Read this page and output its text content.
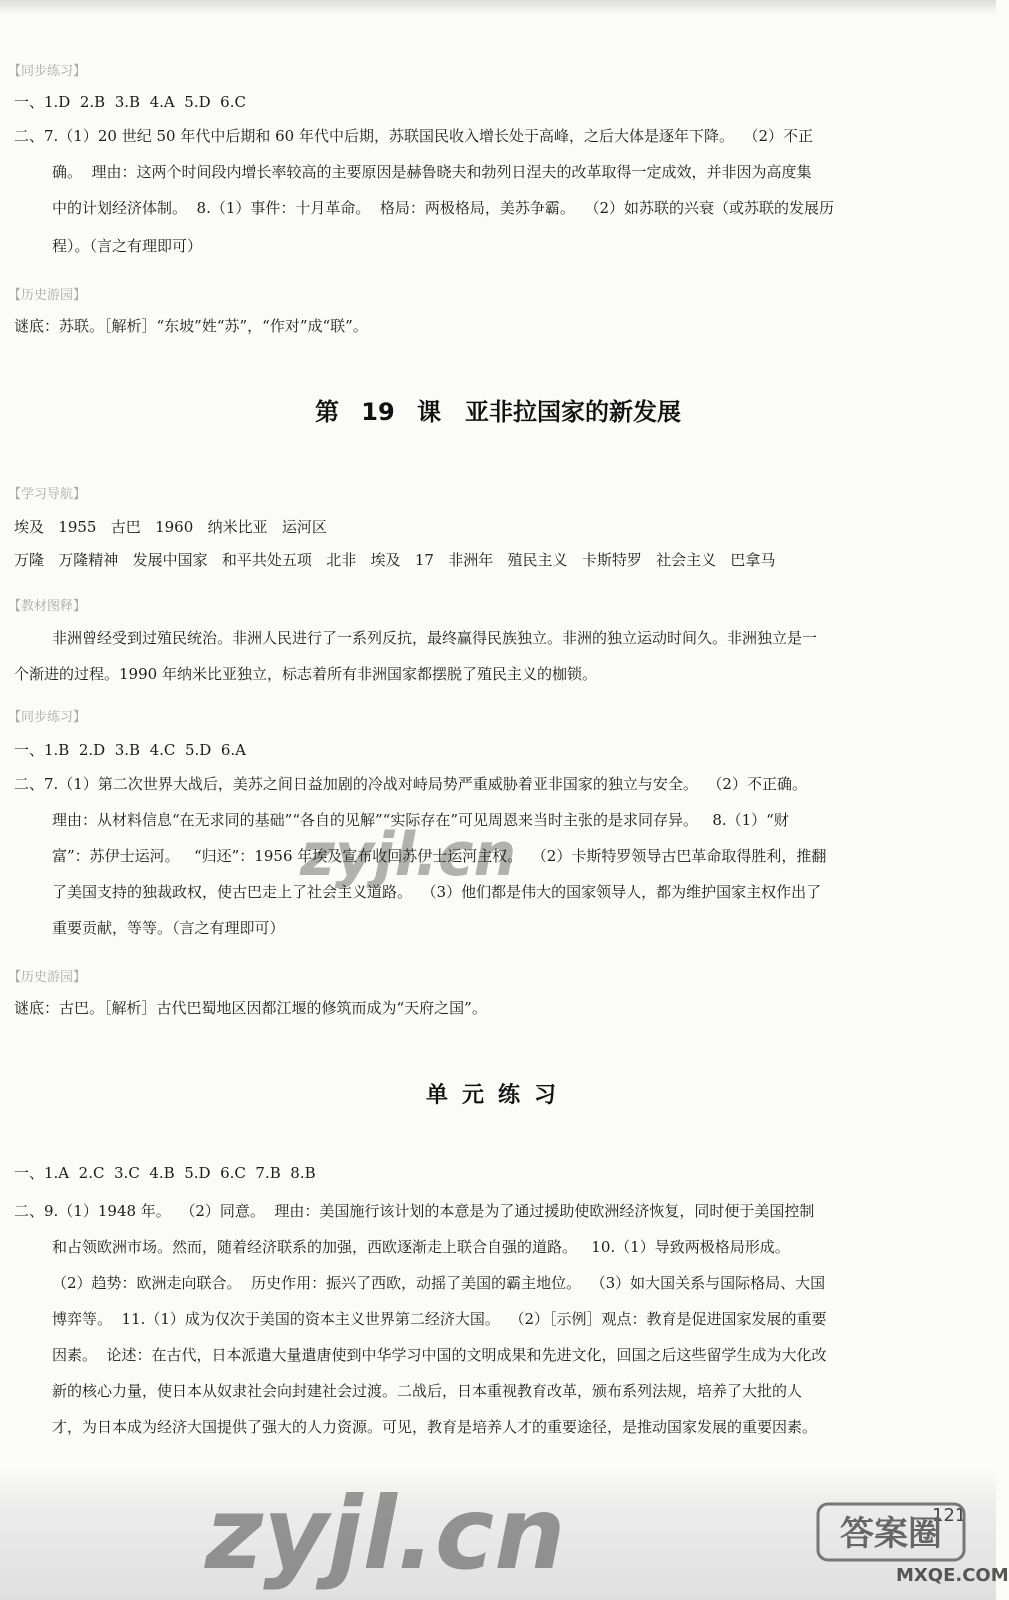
【同步练习】
一、1.D  2.B  3.B  4.A  5.D  6.C
二、7.（1）20 世纪 50 年代中后期和 60 年代中后期，苏联国民收入增长处于高峰，之后大体是逐年下降。  （2）不正
确。  理由：这两个时间段内增长率较高的主要原因是赫鲁晓夫和勃列日涅夫的改革取得一定成效，并非因为高度集
中的计划经济体制。  8.（1）事件：十月革命。  格局：两极格局，美苏争霸。  （2）如苏联的兴衰（或苏联的发展历
程）。（言之有理即可）
【历史游园】
谜底：苏联。［解析］“东坡”姓“苏”，“作对”成“联”。
第 19 课　亚非拉国家的新发展
【学习导航】
埃及   1955   古巴   1960   纳米比亚   运河区
万隆   万隆精神   发展中国家   和平共处五项   北非   埃及   17   非洲年   殖民主义   卡斯特罗   社会主义   巴拿马
【教材图释】
非洲曾经受到过殖民统治。非洲人民进行了一系列反抗，最终赢得民族独立。非洲的独立运动时间久。非洲独立是一
个渐进的过程。1990 年纳米比亚独立，标志着所有非洲国家都摆脱了殖民主义的枷锁。
【同步练习】
一、1.B  2.D  3.B  4.C  5.D  6.A
二、7.（1）第二次世界大战后，美苏之间日益加剧的冷战对峙局势严重威胁着亚非国家的独立与安全。  （2）不正确。
理由：从材料信息“在无求同的基础”“各自的见解”“实际存在”可见周恩来当时主张的是求同存异。   8.（1）“财
富”：苏伊士运河。   “归还”：1956 年埃及宣布收回苏伊士运河主权。  （2）卡斯特罗领导古巴革命取得胜利，推翻
了美国支持的独裁政权，使古巴走上了社会主义道路。  （3）他们都是伟大的国家领导人，都为维护国家主权作出了
重要贡献，等等。（言之有理即可）
【历史游园】
谜底：古巴。［解析］古代巴蜀地区因都江堰的修筑而成为“天府之国”。
单元练习
一、1.A  2.C  3.C  4.B  5.D  6.C  7.B  8.B
二、9.（1）1948 年。  （2）同意。  理由：美国施行该计划的本意是为了通过援助使欧洲经济恢复，同时便于美国控制
和占领欧洲市场。然而，随着经济联系的加强，西欧逐渐走上联合自强的道路。   10.（1）导致两极格局形成。
（2）趋势：欧洲走向联合。  历史作用：振兴了西欧，动摇了美国的霸主地位。  （3）如大国关系与国际格局、大国
博弈等。  11.（1）成为仅次于美国的资本主义世界第二经济大国。  （2）［示例］观点：教育是促进国家发展的重要
因素。  论述：在古代，日本派遣大量遣唐使到中华学习中国的文明成果和先进文化，回国之后这些留学生成为大化改
新的核心力量，使日本从奴隶社会向封建社会过渡。二战后，日本重视教育改革，颁布系列法规，培养了大批的人
才，为日本成为经济大国提供了强大的人力资源。可见，教育是培养人才的重要途径，是推动国家发展的重要因素。
121
zyjl.cn
zyjl.cn	答案圈
MXQE.COM
